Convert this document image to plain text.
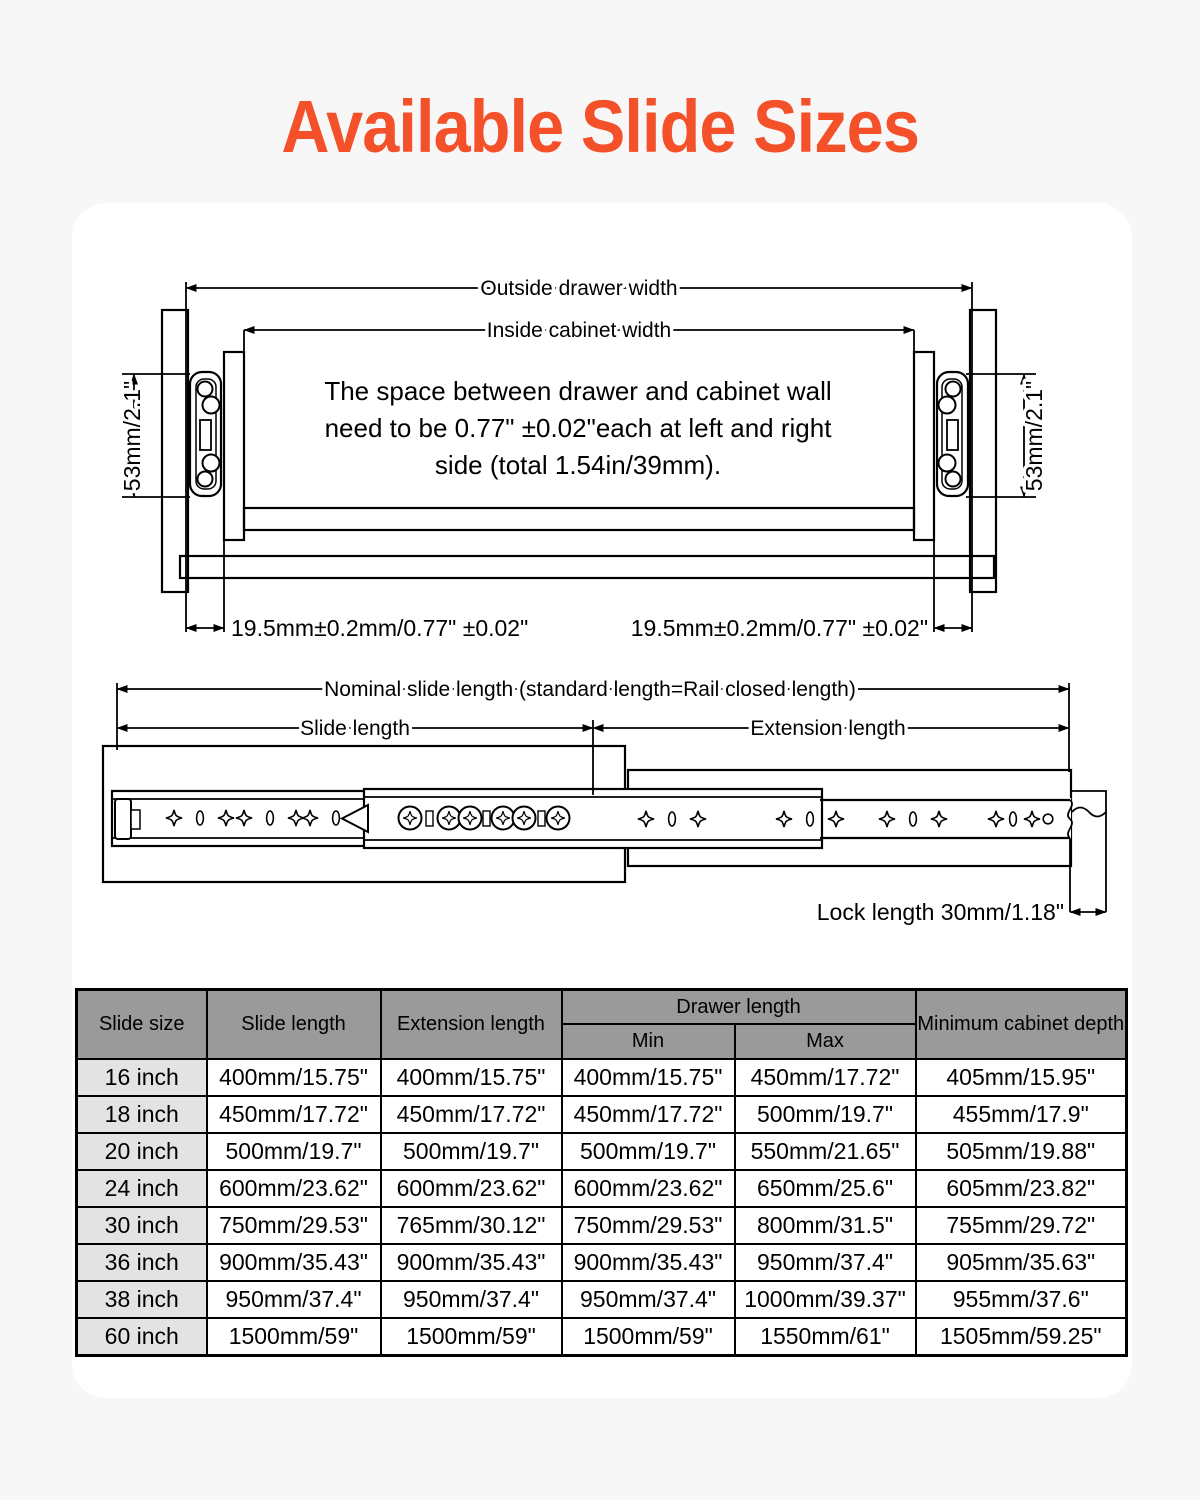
Available Slide Sizes
Outside drawer width
Inside cabinet width
53mm/2.1"	53mm/2.1"
19.5mm±0.2mm/0.77" ±0.02"	19.5mm±0.2mm/0.77" ±0.02"
The space between drawer and cabinet wall
need to be 0.77" ±0.02"each at left and right
side (total 1.54in/39mm).
Nominal slide length (standard length=Rail closed length)
Slide length	Extension length
Lock length 30mm/1.18"
Slide size	Slide length	Extension length	Drawer length		Minimum cabinet depth
			Min	Max	
16 inch	400mm/15.75"	400mm/15.75"	400mm/15.75"	450mm/17.72"	405mm/15.95"
18 inch	450mm/17.72"	450mm/17.72"	450mm/17.72"	500mm/19.7"	455mm/17.9"
20 inch	500mm/19.7"	500mm/19.7"	500mm/19.7"	550mm/21.65"	505mm/19.88"
24 inch	600mm/23.62"	600mm/23.62"	600mm/23.62"	650mm/25.6"	605mm/23.82"
30 inch	750mm/29.53"	765mm/30.12"	750mm/29.53"	800mm/31.5"	755mm/29.72"
36 inch	900mm/35.43"	900mm/35.43"	900mm/35.43"	950mm/37.4"	905mm/35.63"
38 inch	950mm/37.4"	950mm/37.4"	950mm/37.4"	1000mm/39.37"	955mm/37.6"
60 inch	1500mm/59"	1500mm/59"	1500mm/59"	1550mm/61"	1505mm/59.25"
